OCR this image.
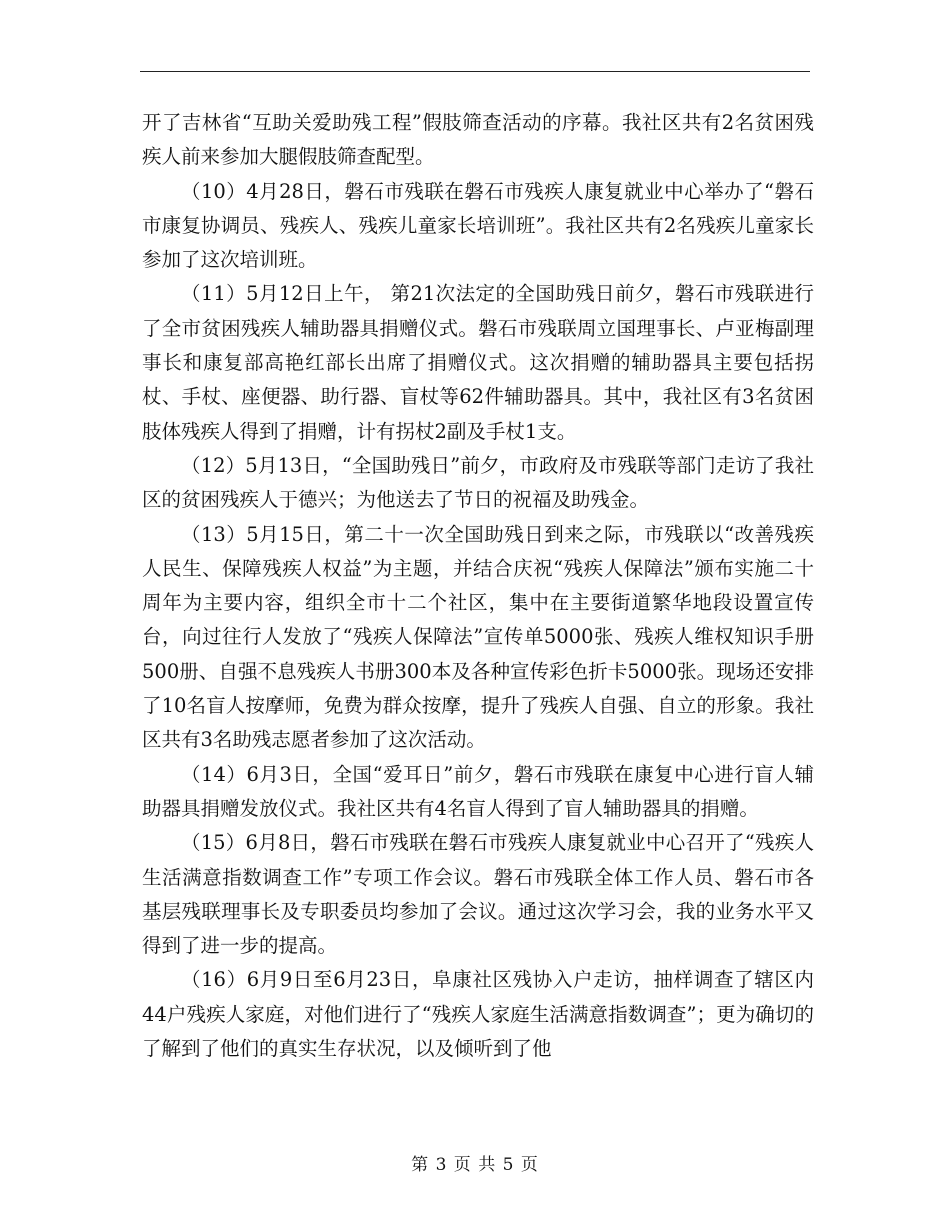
开了吉林省“互助关爱助残工程”假肢筛查活动的序幕。我社区共有2名贫困残疾人前来参加大腿假肢筛查配型。

（10）4月28日，磐石市残联在磐石市残疾人康复就业中心举办了“磐石市康复协调员、残疾人、残疾儿童家长培训班”。我社区共有2名残疾儿童家长参加了这次培训班。

（11）5月12日上午， 第21次法定的全国助残日前夕，磐石市残联进行了全市贫困残疾人辅助器具捐赠仪式。磐石市残联周立国理事长、卢亚梅副理事长和康复部高艳红部长出席了捐赠仪式。这次捐赠的辅助器具主要包括拐杖、手杖、座便器、助行器、盲杖等62件辅助器具。其中，我社区有3名贫困肢体残疾人得到了捐赠，计有拐杖2副及手杖1支。

（12）5月13日，“全国助残日”前夕，市政府及市残联等部门走访了我社区的贫困残疾人于德兴；为他送去了节日的祝福及助残金。

（13）5月15日，第二十一次全国助残日到来之际，市残联以“改善残疾人民生、保障残疾人权益”为主题，并结合庆祝“残疾人保障法”颁布实施二十周年为主要内容，组织全市十二个社区，集中在主要街道繁华地段设置宣传台，向过往行人发放了“残疾人保障法”宣传单5000张、残疾人维权知识手册500册、自强不息残疾人书册300本及各种宣传彩色折卡5000张。现场还安排了10名盲人按摩师，免费为群众按摩，提升了残疾人自强、自立的形象。我社区共有3名助残志愿者参加了这次活动。

（14）6月3日，全国“爱耳日”前夕，磐石市残联在康复中心进行盲人辅助器具捐赠发放仪式。我社区共有4名盲人得到了盲人辅助器具的捐赠。

（15）6月8日，磐石市残联在磐石市残疾人康复就业中心召开了“残疾人生活满意指数调查工作”专项工作会议。磐石市残联全体工作人员、磐石市各基层残联理事长及专职委员均参加了会议。通过这次学习会，我的业务水平又得到了进一步的提高。

（16）6月9日至6月23日，阜康社区残协入户走访，抽样调查了辖区内44户残疾人家庭，对他们进行了“残疾人家庭生活满意指数调查”；更为确切的了解到了他们的真实生存状况，以及倾听到了他

第 3 页 共 5 页
